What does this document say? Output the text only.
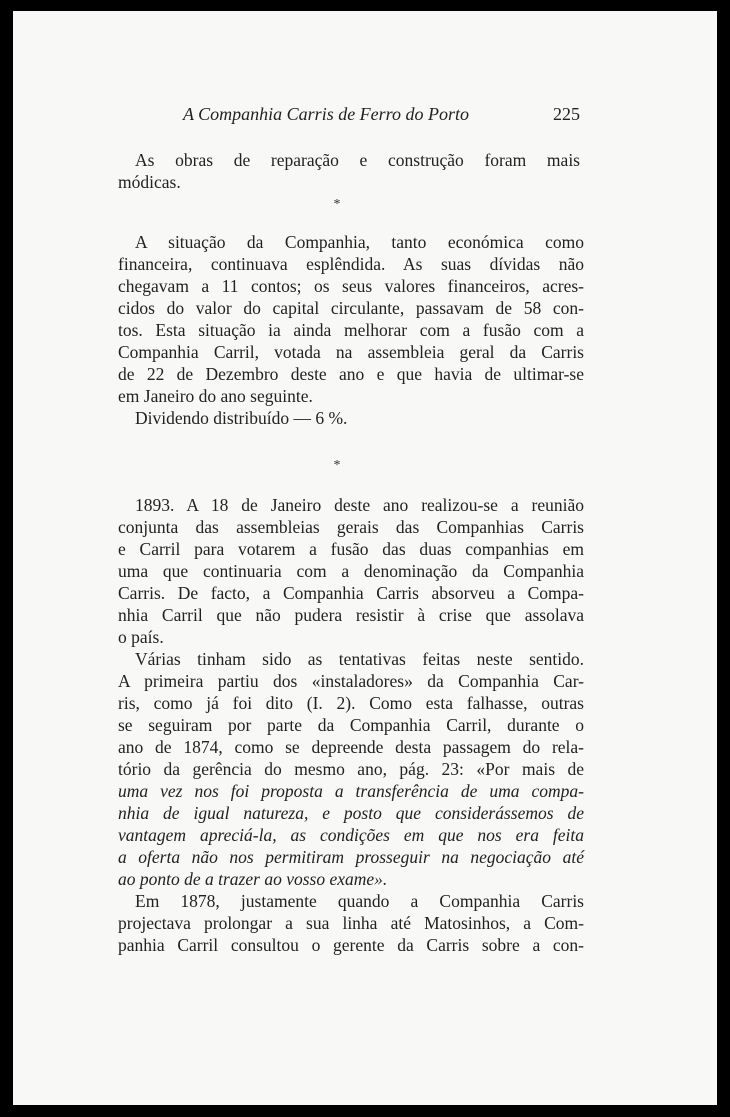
A Companhia Carris de Ferro do Porto	225
As obras de reparação e construção foram mais
módicas.
*
A situação da Companhia, tanto económica como
financeira, continuava esplêndida. As suas dívidas não
chegavam a 11 contos; os seus valores financeiros, acres-
cidos do valor do capital circulante, passavam de 58 con-
tos. Esta situação ia ainda melhorar com a fusão com a
Companhia Carril, votada na assembleia geral da Carris
de 22 de Dezembro deste ano e que havia de ultimar-se
em Janeiro do ano seguinte.
Dividendo distribuído — 6 %.
*
1893. A 18 de Janeiro deste ano realizou-se a reunião
conjunta das assembleias gerais das Companhias Carris
e Carril para votarem a fusão das duas companhias em
uma que continuaria com a denominação da Companhia
Carris. De facto, a Companhia Carris absorveu a Compa-
nhia Carril que não pudera resistir à crise que assolava
o país.
Várias tinham sido as tentativas feitas neste sentido.
A primeira partiu dos «instaladores» da Companhia Car-
ris, como já foi dito (I. 2). Como esta falhasse, outras
se seguiram por parte da Companhia Carril, durante o
ano de 1874, como se depreende desta passagem do rela-
tório da gerência do mesmo ano, pág. 23: «Por mais de
uma vez nos foi proposta a transferência de uma compa-
nhia de igual natureza, e posto que considerássemos de
vantagem apreciá-la, as condições em que nos era feita
a oferta não nos permitiram prosseguir na negociação até
ao ponto de a trazer ao vosso exame».
Em 1878, justamente quando a Companhia Carris
projectava prolongar a sua linha até Matosinhos, a Com-
panhia Carril consultou o gerente da Carris sobre a con-
